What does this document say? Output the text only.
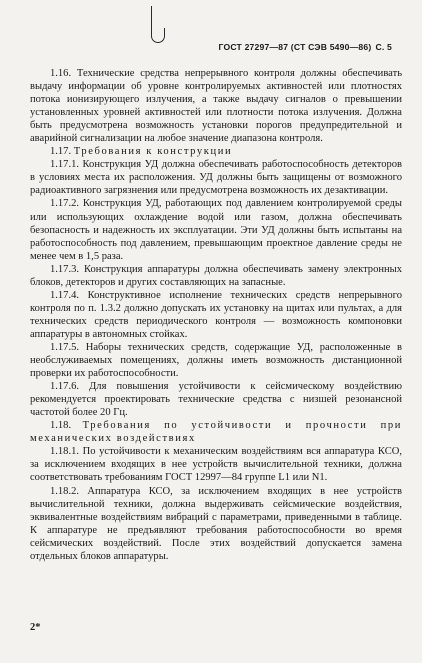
ГОСТ 27297—87 (СТ СЭВ 5490—86) С. 5

1.16. Технические средства непрерывного контроля должны обеспечивать выдачу информации об уровне контролируемых активностей или плотностях потока ионизирующего излучения, а также выдачу сигналов о превышении установленных уровней активностей или плотности потока излучения. Должна быть предусмотрена возможность установки порогов предупредительной и аварийной сигнализации на любое значение диапазона контроля.

1.17. Требования к конструкции

1.17.1. Конструкция УД должна обеспечивать работоспособность детекторов в условиях места их расположения. УД должны быть защищены от возможного радиоактивного загрязнения или предусмотрена возможность их дезактивации.

1.17.2. Конструкция УД, работающих под давлением контролируемой среды или использующих охлаждение водой или газом, должна обеспечивать безопасность и надежность их эксплуатации. Эти УД должны быть испытаны на работоспособность под давлением, превышающим проектное давление среды не менее чем в 1,5 раза.

1.17.3. Конструкция аппаратуры должна обеспечивать замену электронных блоков, детекторов и других составляющих на запасные.

1.17.4. Конструктивное исполнение технических средств непрерывного контроля по п. 1.3.2 должно допускать их установку на щитах или пультах, а для технических средств периодического контроля — возможность компоновки аппаратуры в автономных стойках.

1.17.5. Наборы технических средств, содержащие УД, расположенные в необслуживаемых помещениях, должны иметь возможность дистанционной проверки их работоспособности.

1.17.6. Для повышения устойчивости к сейсмическому воздействию рекомендуется проектировать технические средства с низшей резонансной частотой более 20 Гц.

1.18. Требования по устойчивости и прочности при механических воздействиях

1.18.1. По устойчивости к механическим воздействиям вся аппаратура КСО, за исключением входящих в нее устройств вычислительной техники, должна соответствовать требованиям ГОСТ 12997—84 группе L1 или N1.

1.18.2. Аппаратура КСО, за исключением входящих в нее устройств вычислительной техники, должна выдерживать сейсмические воздействия, эквивалентные воздействиям вибраций с параметрами, приведенными в таблице. К аппаратуре не предъявляют требования работоспособности во время сейсмических воздействий. После этих воздействий допускается замена отдельных блоков аппаратуры.

2*
